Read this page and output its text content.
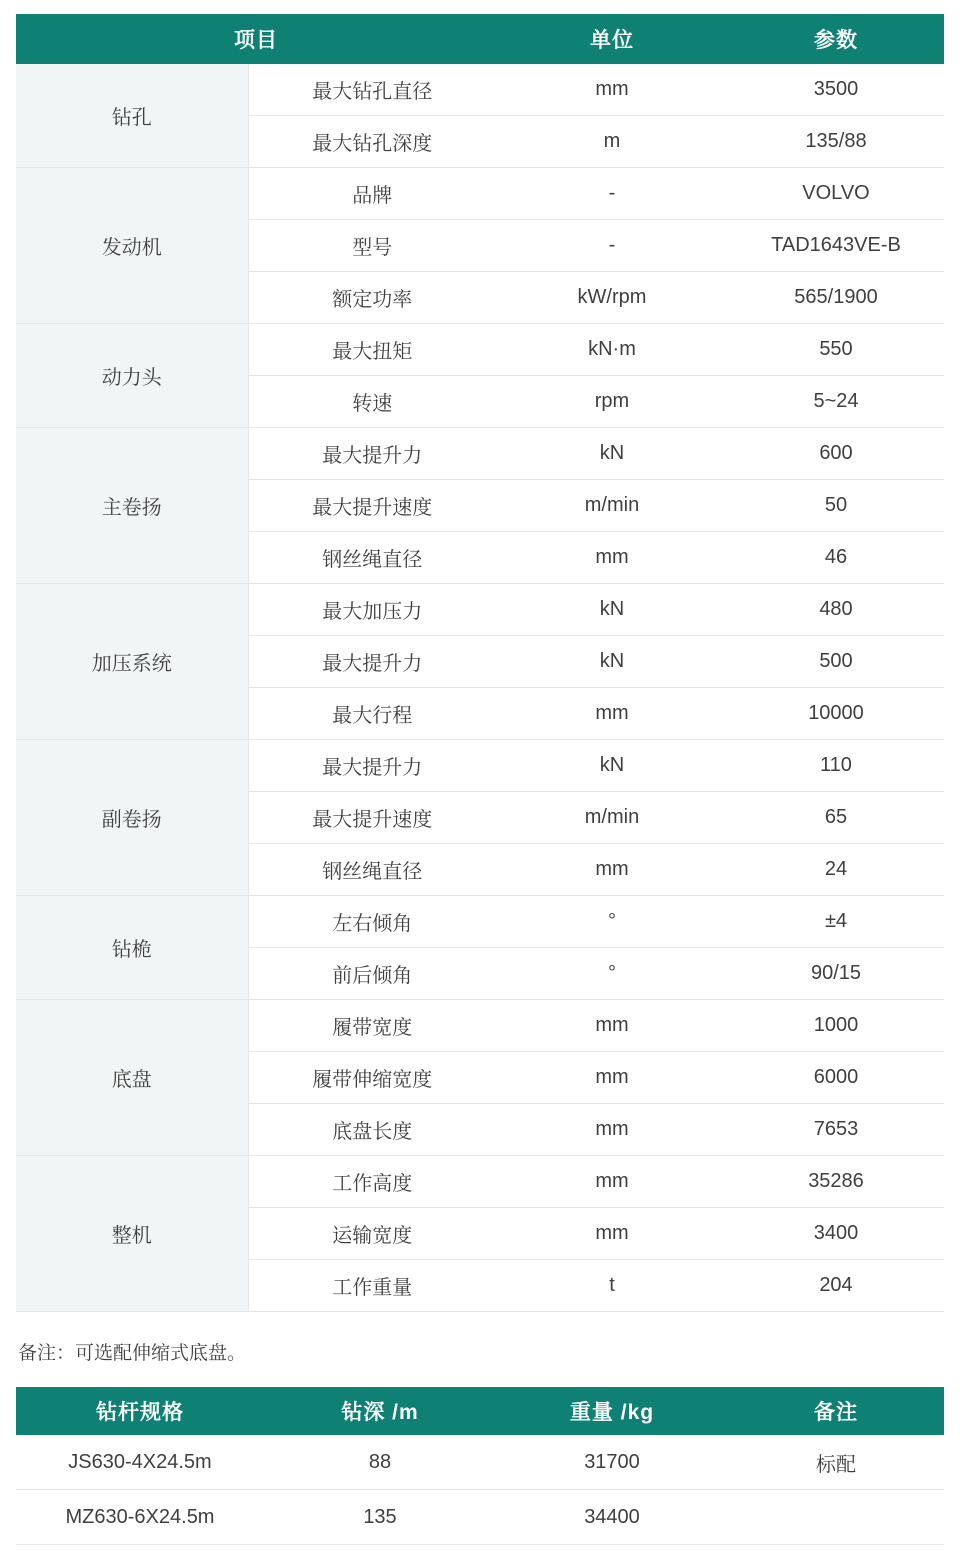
项目		单位	参数
钻孔	最大钻孔直径	mm	3500
	最大钻孔深度	m	135/88
发动机	品牌	-	VOLVO
	型号	-	TAD1643VE-B
	额定功率	kW/rpm	565/1900
动力头	最大扭矩	kN·m	550
	转速	rpm	5~24
主卷扬	最大提升力	kN	600
	最大提升速度	m/min	50
	钢丝绳直径	mm	46
加压系统	最大加压力	kN	480
	最大提升力	kN	500
	最大行程	mm	10000
副卷扬	最大提升力	kN	110
	最大提升速度	m/min	65
	钢丝绳直径	mm	24
钻桅	左右倾角	°	±4
	前后倾角	°	90/15
底盘	履带宽度	mm	1000
	履带伸缩宽度	mm	6000
	底盘长度	mm	7653
整机	工作高度	mm	35286
	运输宽度	mm	3400
	工作重量	t	204
备注：可选配伸缩式底盘。
钻杆规格	钻深 /m	重量 /kg	备注
JS630-4X24.5m	88	31700	标配
MZ630-6X24.5m	135	34400	
